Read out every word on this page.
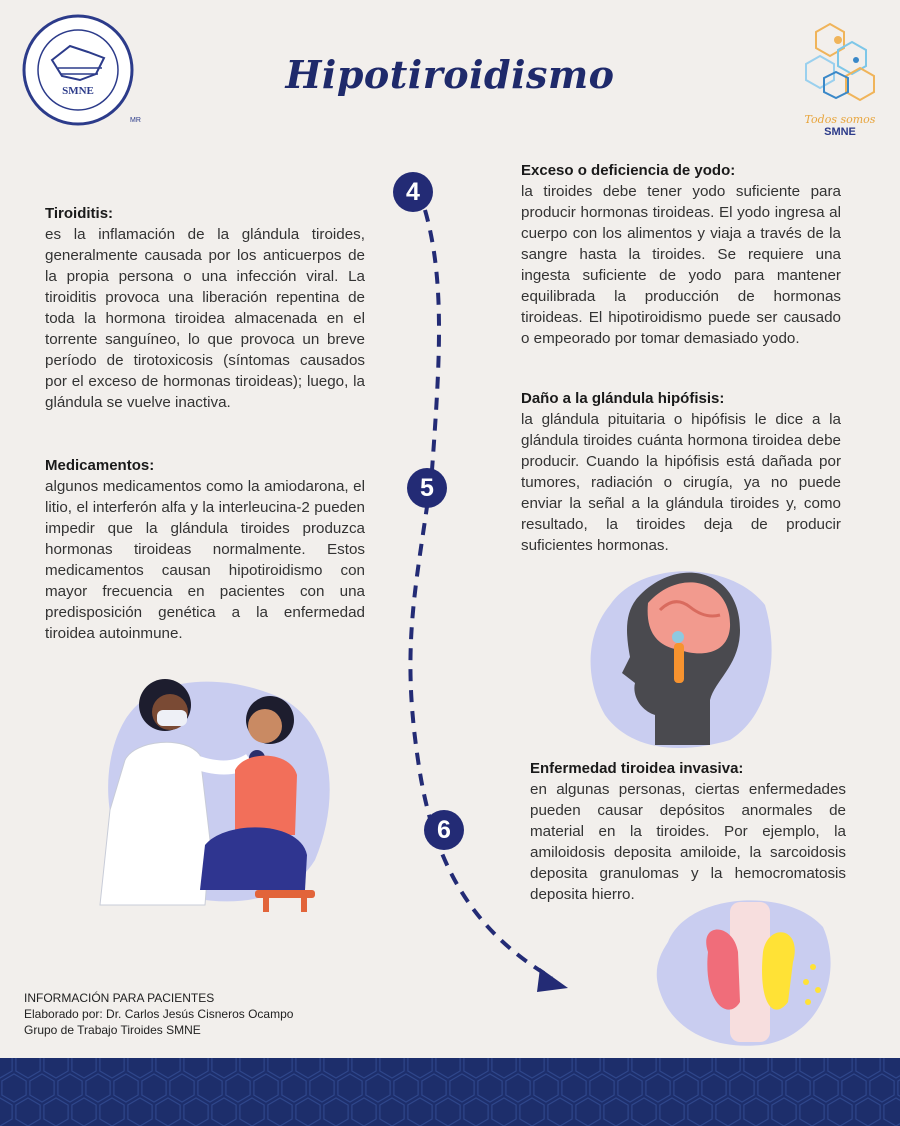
SMNE
MR
Hipotiroidismo
Todos somos
SMNE
4
5
6
Tiroiditis:

es la inflamación de la glándula tiroides, generalmente causada por los anticuerpos de la propia persona o una infección viral. La tiroiditis provoca una liberación repentina de toda la hormona tiroidea almacenada en el torrente sanguíneo, lo que provoca un breve período de tirotoxicosis (síntomas causados por el exceso de hormonas tiroideas); luego, la glándula se vuelve inactiva.

Medicamentos:

algunos medicamentos como la amiodarona, el litio, el interferón alfa y la interleucina-2 pueden impedir que la glándula tiroides produzca hormonas tiroideas normalmente. Estos medicamentos causan hipotiroidismo con mayor frecuencia en pacientes con una predisposición genética a la enfermedad tiroidea autoinmune.

Exceso o deficiencia de yodo:

la tiroides debe tener yodo suficiente para producir hormonas tiroideas. El yodo ingresa al cuerpo con los alimentos y viaja a través de la sangre hasta la tiroides. Se requiere una ingesta suficiente de yodo para mantener equilibrada la producción de hormonas tiroideas. El hipotiroidismo puede ser causado o empeorado por tomar demasiado yodo.

Daño a la glándula hipófisis:

la glándula pituitaria o hipófisis le dice a la glándula tiroides cuánta hormona tiroidea debe producir. Cuando la hipófisis está dañada por tumores, radiación o cirugía, ya no puede enviar la señal a la glándula tiroides y, como resultado, la tiroides deja de producir suficientes hormonas.

Enfermedad tiroidea invasiva:

en algunas personas, ciertas enfermedades pueden causar depósitos anormales de material en la tiroides. Por ejemplo, la amiloidosis deposita amiloide, la sarcoidosis deposita granulomas y la hemocromatosis deposita hierro.

INFORMACIÓN PARA PACIENTES
Elaborado por: Dr. Carlos Jesús Cisneros Ocampo
Grupo de Trabajo Tiroides SMNE
